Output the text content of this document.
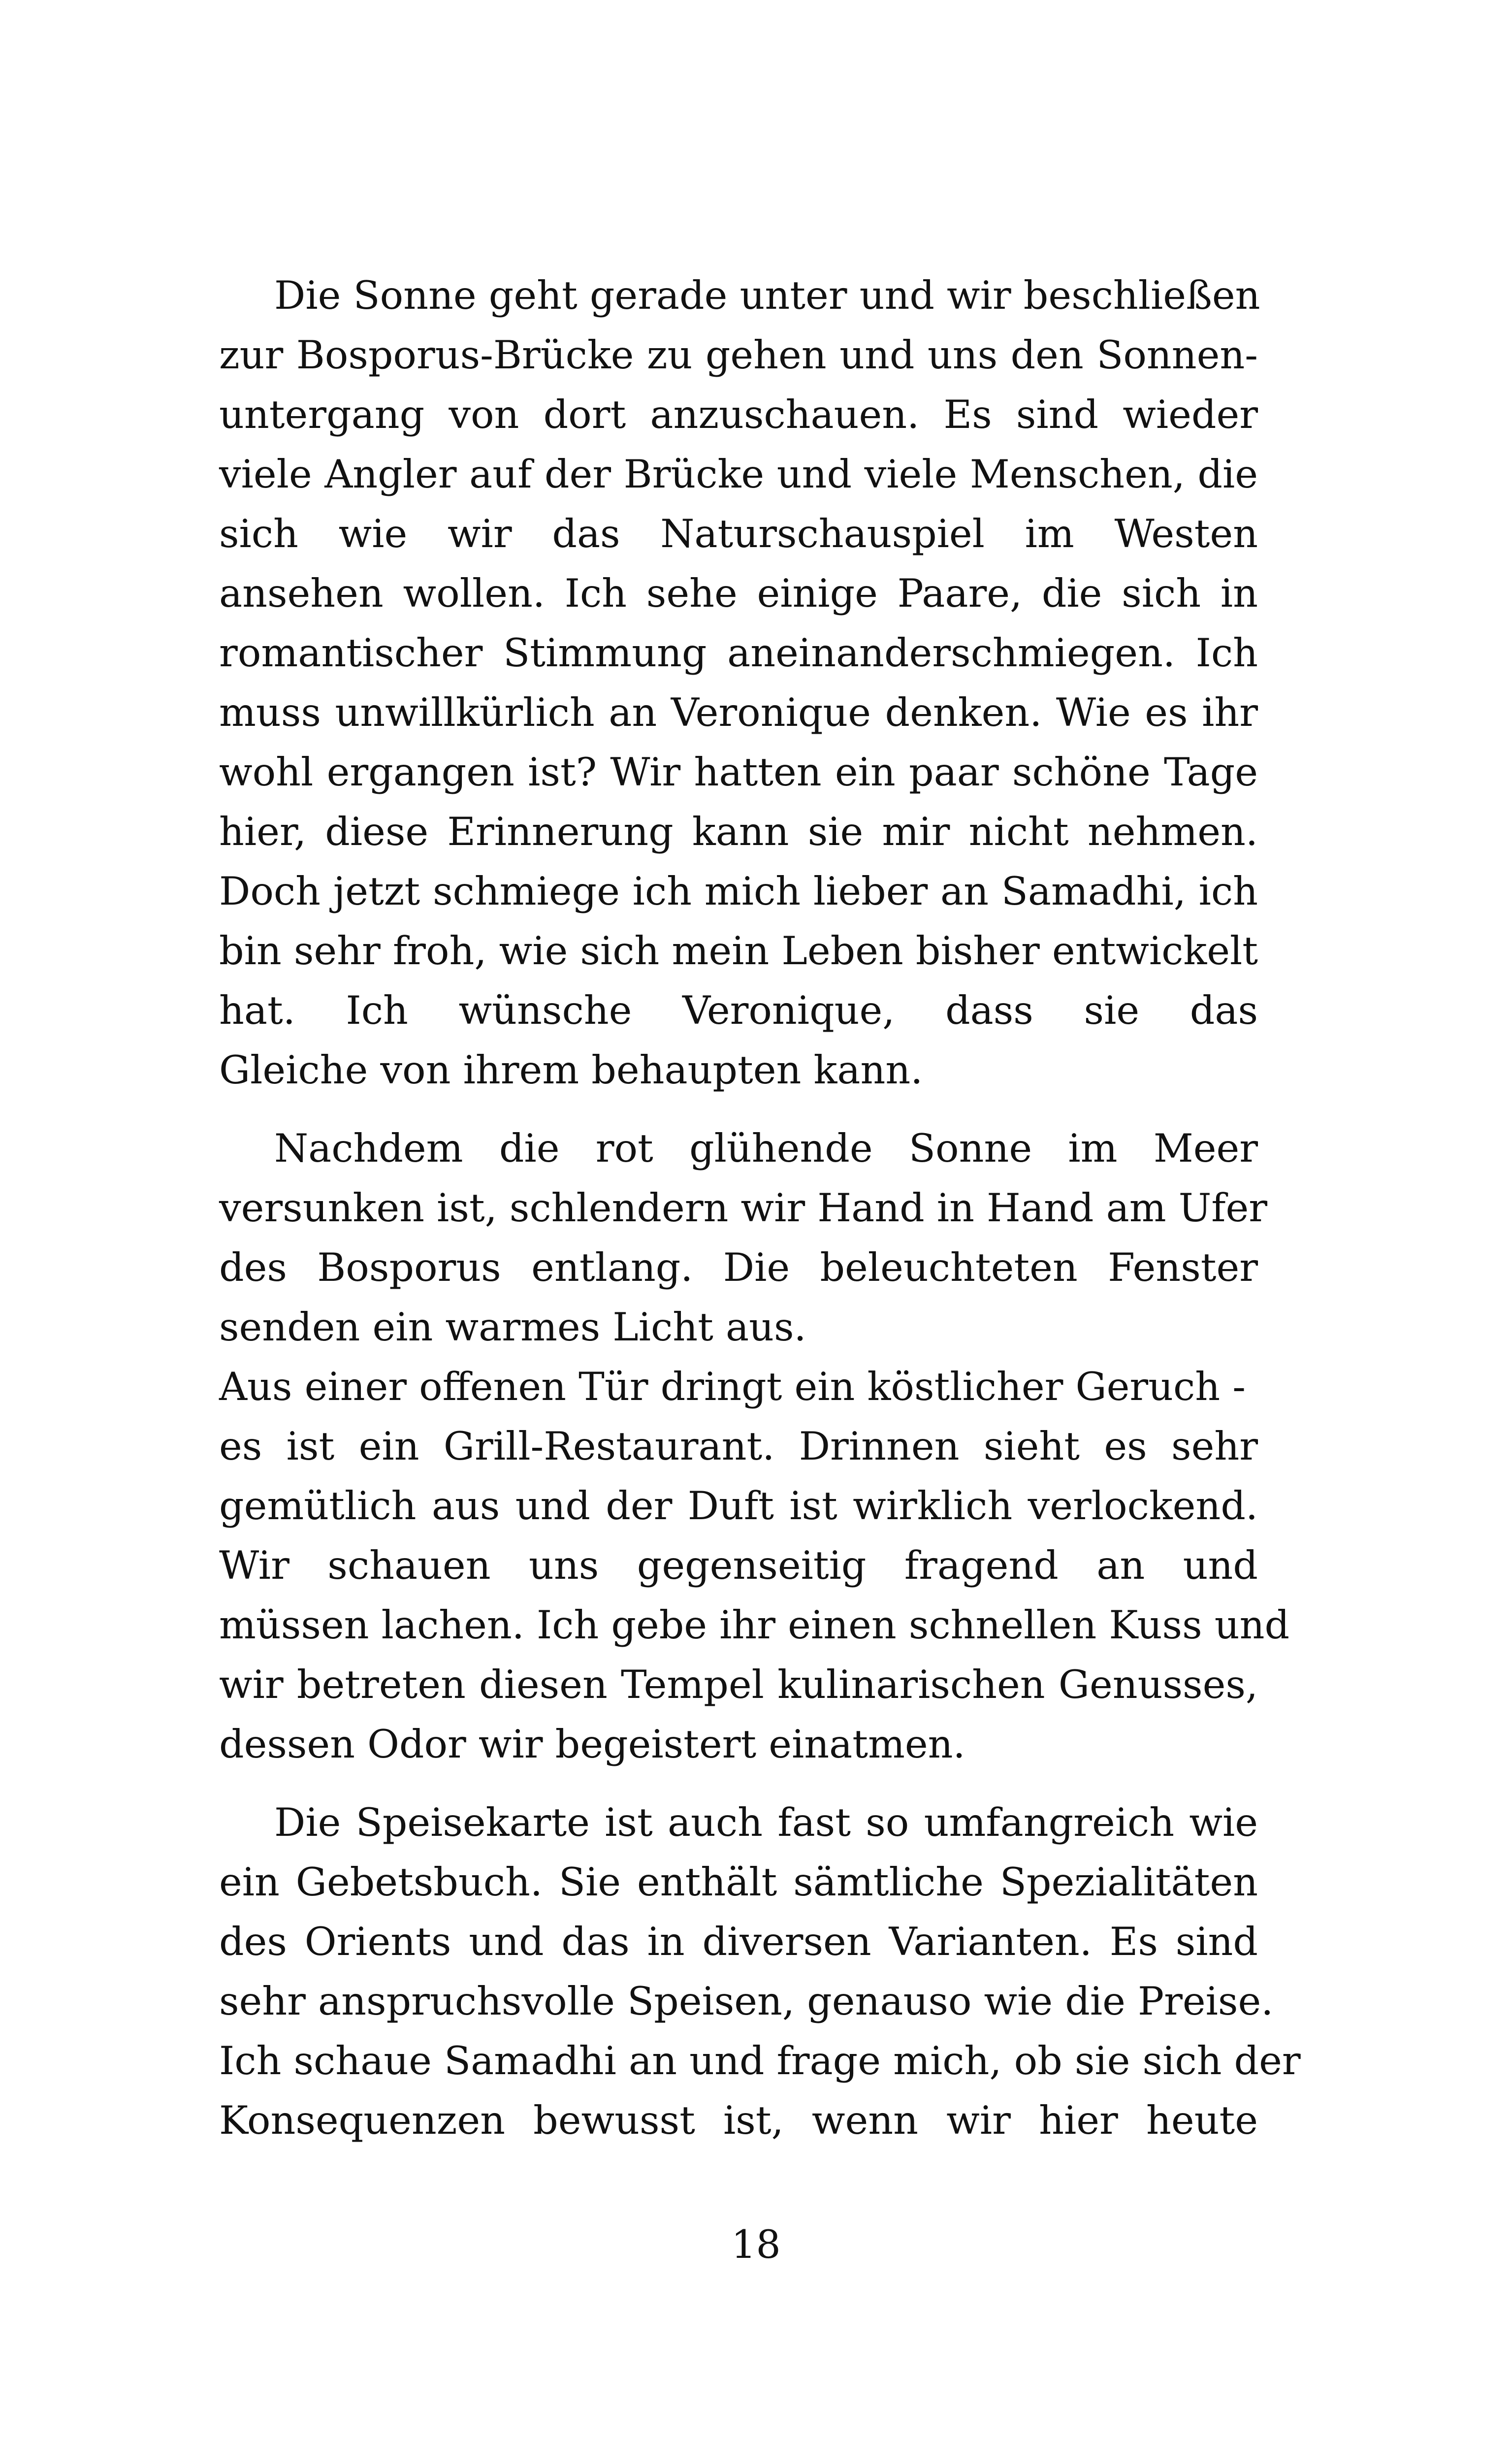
Die Sonne geht gerade unter und wir beschließen
zur Bosporus-Brücke zu gehen und uns den Sonnen-
untergang von dort anzuschauen. Es sind wieder
viele Angler auf der Brücke und viele Menschen, die
sich wie wir das Naturschauspiel im Westen
ansehen wollen. Ich sehe einige Paare, die sich in
romantischer Stimmung aneinanderschmiegen. Ich
muss unwillkürlich an Veronique denken. Wie es ihr
wohl ergangen ist? Wir hatten ein paar schöne Tage
hier, diese Erinnerung kann sie mir nicht nehmen.
Doch jetzt schmiege ich mich lieber an Samadhi, ich
bin sehr froh, wie sich mein Leben bisher entwickelt
hat. Ich wünsche Veronique, dass sie das
Gleiche von ihrem behaupten kann.
Nachdem die rot glühende Sonne im Meer
versunken ist, schlendern wir Hand in Hand am Ufer
des Bosporus entlang. Die beleuchteten Fenster
senden ein warmes Licht aus.
Aus einer offenen Tür dringt ein köstlicher Geruch -
es ist ein Grill-Restaurant. Drinnen sieht es sehr
gemütlich aus und der Duft ist wirklich verlockend.
Wir schauen uns gegenseitig fragend an und
müssen lachen. Ich gebe ihr einen schnellen Kuss und
wir betreten diesen Tempel kulinarischen Genusses,
dessen Odor wir begeistert einatmen.
Die Speisekarte ist auch fast so umfangreich wie
ein Gebetsbuch. Sie enthält sämtliche Spezialitäten
des Orients und das in diversen Varianten. Es sind
sehr anspruchsvolle Speisen, genauso wie die Preise.
Ich schaue Samadhi an und frage mich, ob sie sich der
Konsequenzen bewusst ist, wenn wir hier heute
18
